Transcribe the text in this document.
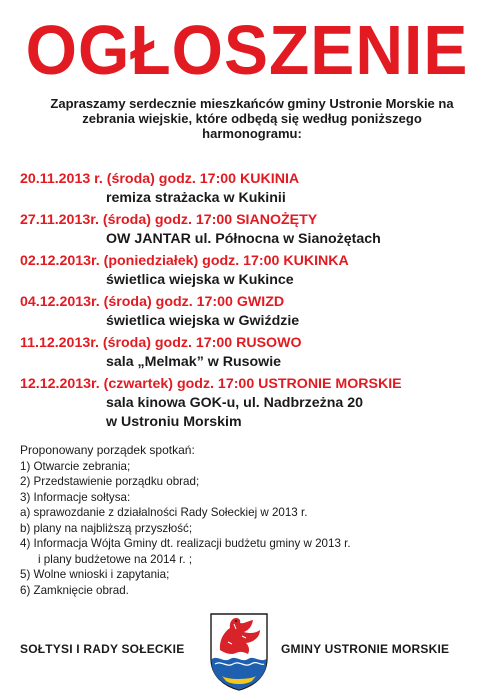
OGŁOSZENIE
Zapraszamy serdecznie mieszkańców gminy Ustronie Morskie na zebrania wiejskie, które odbędą się według poniższego harmonogramu:
20.11.2013 r. (środa) godz. 17:00 KUKINIA
remiza strażacka w Kukinii
27.11.2013r. (środa) godz. 17:00 SIANOŻĘTY
OW JANTAR ul. Północna w Sianożętach
02.12.2013r. (poniedziałek) godz. 17:00 KUKINKA
świetlica wiejska w Kukince
04.12.2013r. (środa) godz. 17:00 GWIZD
świetlica wiejska w Gwiździe
11.12.2013r. (środa) godz. 17:00 RUSOWO
sala „Melmak” w Rusowie
12.12.2013r. (czwartek) godz. 17:00 USTRONIE MORSKIE
sala kinowa GOK-u, ul. Nadbrzeżna 20
w Ustroniu Morskim
Proponowany porządek spotkań:
1) Otwarcie zebrania;
2) Przedstawienie porządku obrad;
3) Informacje sołtysa:
a) sprawozdanie z działalności Rady Sołeckiej w 2013 r.
b) plany na najbliższą przyszłość;
4) Informacja Wójta Gminy dt. realizacji budżetu gminy w 2013 r.
i plany budżetowe na 2014 r. ;
5) Wolne wnioski i zapytania;
6) Zamknięcie obrad.
SOŁTYSI I RADY SOŁECKIE	GMINY USTRONIE MORSKIE
